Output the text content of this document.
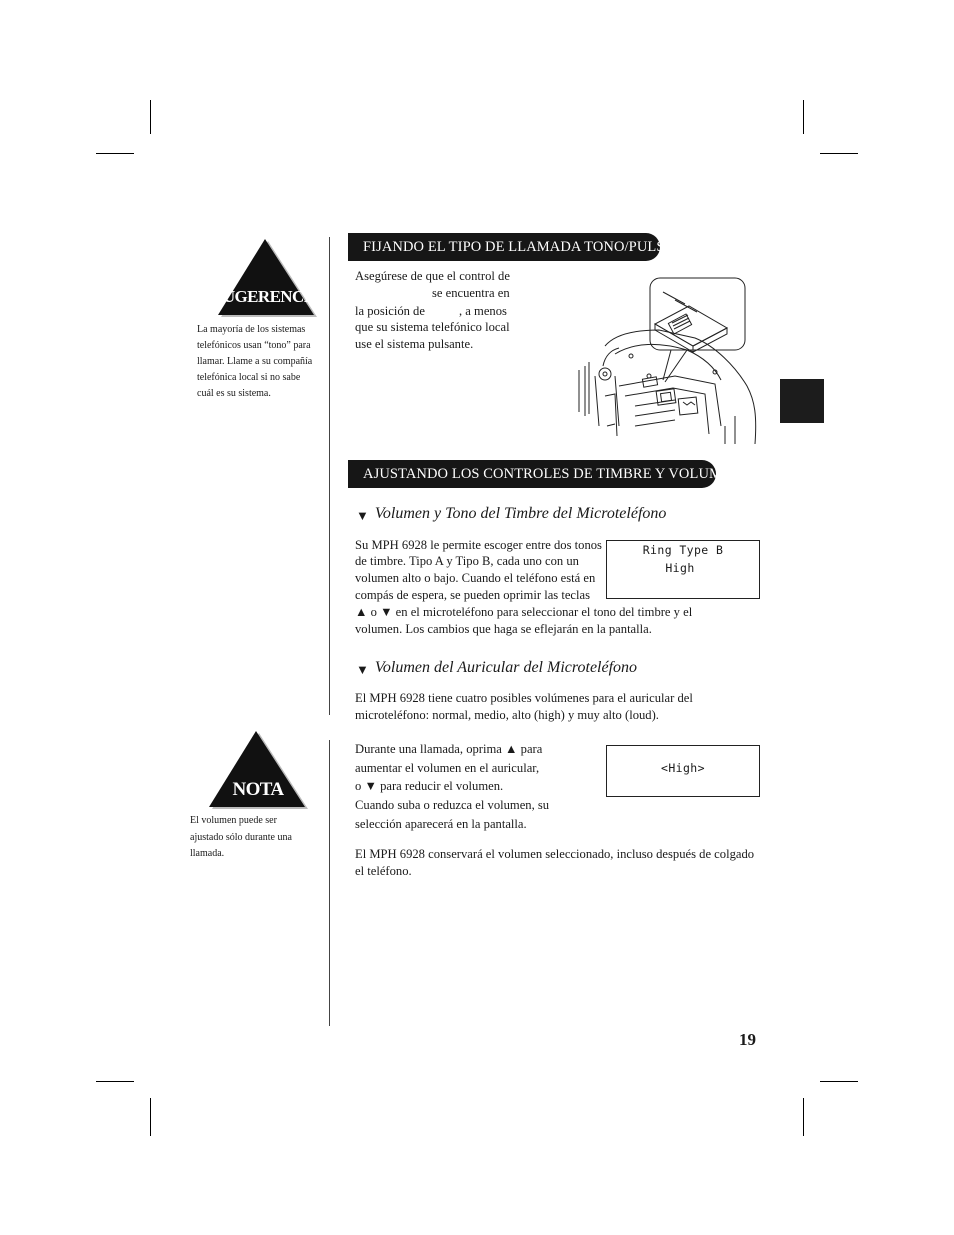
SUGERENCIA
La mayoría de los sistemas
telefónicos usan “tono” para
llamar. Llame a su compañía
telefónica local si no sabe
cuál es su sistema.
NOTA
El volumen puede ser
ajustado sólo durante una
llamada.
FIJANDO EL TIPO DE LLAMADA TONO/PULSO
Asegúrese de que el control de
se encuentra en
la posición de	, a menos
que su sistema telefónico local
use el sistema pulsante.
AJUSTANDO LOS CONTROLES DE TIMBRE Y VOLUMEN
▼ Volumen y Tono del Timbre del Microteléfono
Su MPH 6928 le permite escoger entre dos tonos
de timbre. Tipo A y Tipo B, cada uno con un
volumen alto o bajo. Cuando el teléfono está en
compás de espera, se pueden oprimir las teclas
▲ o ▼ en el microteléfono para seleccionar el tono del timbre y el
volumen. Los cambios que haga se eflejarán en la pantalla.
Ring Type B
High
▼ Volumen del Auricular del Microteléfono
El MPH 6928 tiene cuatro posibles volúmenes para el auricular del
microteléfono: normal, medio, alto (high) y muy alto (loud).
Durante una llamada, oprima ▲ para
aumentar el volumen en el auricular,
o ▼ para reducir el volumen.
Cuando suba o reduzca el volumen, su
selección aparecerá en la pantalla.
<High>
El MPH 6928 conservará el volumen seleccionado, incluso después de colgado
el teléfono.
19
